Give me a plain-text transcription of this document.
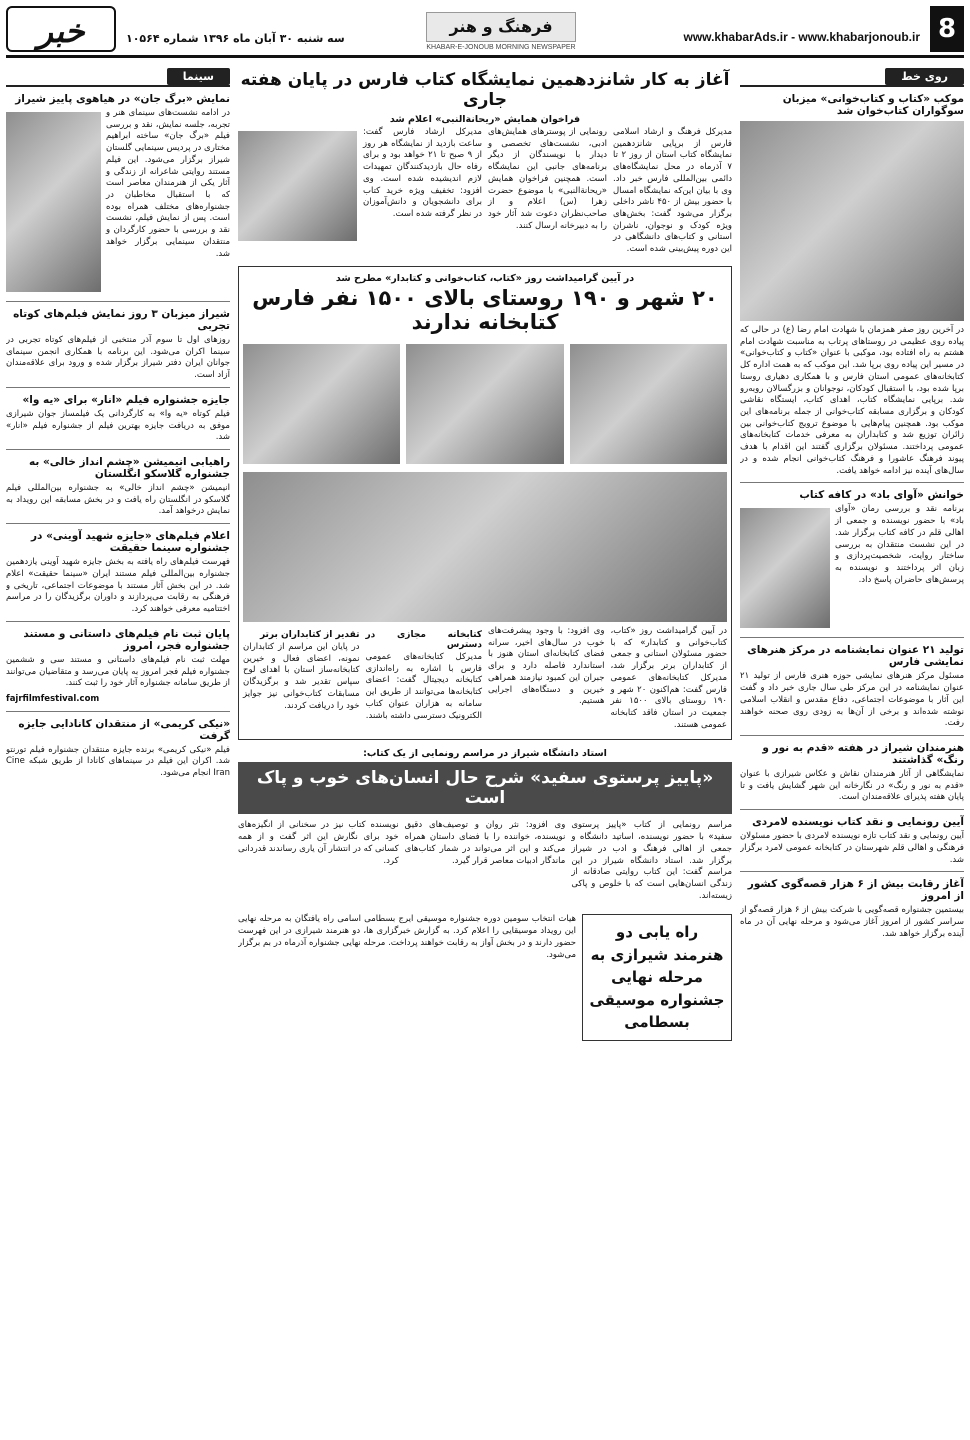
8
www.khabarAds.ir - www.khabarjonoub.ir
فرهنگ و هنر
KHABAR-E-JONOUB MORNING NEWSPAPER
سه شنبه ۳۰ آبان ماه ۱۳۹۶ شماره ۱۰۵۶۴
خبر
روی خط
موکب «کتاب و کتاب‌خوانی» میزبان سوگواران کتاب‌خوان شد

در آخرین روز صفر همزمان با شهادت امام رضا (ع) در حالی که پیاده روی عظیمی در روستاهای پرتاب به مناسبت شهادت امام هشتم به راه افتاده بود، موکبی با عنوان «کتاب و کتاب‌خوانی» در مسیر این پیاده روی برپا شد. این موکب که به همت اداره کل کتابخانه‌های عمومی استان فارس و با همکاری دهیاری روستا برپا شده بود، با استقبال کودکان، نوجوانان و بزرگسالان روبه‌رو شد. برپایی نمایشگاه کتاب، اهدای کتاب، ایستگاه نقاشی کودکان و برگزاری مسابقه کتاب‌خوانی از جمله برنامه‌های این موکب بود. همچنین پیام‌هایی با موضوع ترویج کتاب‌خوانی بین زائران توزیع شد و کتابداران به معرفی خدمات کتابخانه‌های عمومی پرداختند. مسئولان برگزاری گفتند این اقدام با هدف پیوند فرهنگ عاشورا و فرهنگ کتاب‌خوانی انجام شده و در سال‌های آینده نیز ادامه خواهد یافت.

خوانش «آوای باد» در کافه کتاب

برنامه نقد و بررسی رمان «آوای باد» با حضور نویسنده و جمعی از اهالی قلم در کافه کتاب برگزار شد. در این نشست منتقدان به بررسی ساختار روایت، شخصیت‌پردازی و زبان اثر پرداختند و نویسنده به پرسش‌های حاضران پاسخ داد.

تولید ۲۱ عنوان نمایشنامه در مرکز هنرهای نمایشی فارس

مسئول مرکز هنرهای نمایشی حوزه هنری فارس از تولید ۲۱ عنوان نمایشنامه در این مرکز طی سال جاری خبر داد و گفت این آثار با موضوعات اجتماعی، دفاع مقدس و انقلاب اسلامی نوشته شده‌اند و برخی از آن‌ها به زودی روی صحنه خواهند رفت.

هنرمندان شیراز در هفته «قدم به نور و رنگ» گذاشتند

نمایشگاهی از آثار هنرمندان نقاش و عکاس شیرازی با عنوان «قدم به نور و رنگ» در نگارخانه این شهر گشایش یافت و تا پایان هفته پذیرای علاقه‌مندان است.

آیین رونمایی و نقد کتاب نویسنده لامردی

آیین رونمایی و نقد کتاب تازه نویسنده لامردی با حضور مسئولان فرهنگی و اهالی قلم شهرستان در کتابخانه عمومی لامرد برگزار شد.

آغاز رقابت بیش از ۶ هزار قصه‌گوی کشور از امروز

بیستمین جشنواره قصه‌گویی با شرکت بیش از ۶ هزار قصه‌گو از سراسر کشور از امروز آغاز می‌شود و مرحله نهایی آن در ماه آینده برگزار خواهد شد.

آغاز به کار شانزدهمین نمایشگاه کتاب فارس در پایان هفته جاری
فراخوان همایش «ریحانة‌النبی» اعلام شد

مدیرکل فرهنگ و ارشاد اسلامی فارس از برپایی شانزدهمین نمایشگاه کتاب استان از روز ۲ تا ۷ آذرماه در محل نمایشگاه‌های دائمی بین‌المللی فارس خبر داد. وی با بیان این‌که نمایشگاه امسال با حضور بیش از ۴۵۰ ناشر داخلی برگزار می‌شود گفت: بخش‌های ویژه کودک و نوجوان، ناشران استانی و کتاب‌های دانشگاهی در این دوره پیش‌بینی شده است.

رونمایی از پوسترهای همایش‌های ادبی، نشست‌های تخصصی و دیدار با نویسندگان از دیگر برنامه‌های جانبی این نمایشگاه است. همچنین فراخوان همایش «ریحانة‌النبی» با موضوع حضرت زهرا (س) اعلام و از صاحب‌نظران دعوت شد آثار خود را به دبیرخانه ارسال کنند.

مدیرکل ارشاد فارس گفت: ساعت بازدید از نمایشگاه هر روز از ۹ صبح تا ۲۱ خواهد بود و برای رفاه حال بازدیدکنندگان تمهیدات لازم اندیشیده شده است. وی افزود: تخفیف ویژه خرید کتاب برای دانشجویان و دانش‌آموزان در نظر گرفته شده است.

در آیین گرامیداشت روز «کتاب، کتاب‌خوانی و کتابدار» مطرح شد
۲۰ شهر و ۱۹۰ روستای بالای ۱۵۰۰ نفر فارس کتابخانه ندارند

در آیین گرامیداشت روز «کتاب، کتاب‌خوانی و کتابدار» که با حضور مسئولان استانی و جمعی از کتابداران برتر برگزار شد، مدیرکل کتابخانه‌های عمومی فارس گفت: هم‌اکنون ۲۰ شهر و ۱۹۰ روستای بالای ۱۵۰۰ نفر جمعیت در استان فاقد کتابخانه عمومی هستند.

وی افزود: با وجود پیشرفت‌های خوب در سال‌های اخیر، سرانه فضای کتابخانه‌ای استان هنوز با استاندارد فاصله دارد و برای جبران این کمبود نیازمند همراهی خیرین و دستگاه‌های اجرایی هستیم.

کتابخانه مجازی در دسترس

مدیرکل کتابخانه‌های عمومی فارس با اشاره به راه‌اندازی کتابخانه دیجیتال گفت: اعضای کتابخانه‌ها می‌توانند از طریق این سامانه به هزاران عنوان کتاب الکترونیک دسترسی داشته باشند.

تقدیر از کتابداران برتر

در پایان این مراسم از کتابداران نمونه، اعضای فعال و خیرین کتابخانه‌ساز استان با اهدای لوح سپاس تقدیر شد و برگزیدگان مسابقات کتاب‌خوانی نیز جوایز خود را دریافت کردند.

استاد دانشگاه شیراز در مراسم رونمایی از یک کتاب:
«پاییز پرستوی سفید» شرح حال انسان‌های خوب و پاک است

مراسم رونمایی از کتاب «پاییز پرستوی سفید» با حضور نویسنده، اساتید دانشگاه و جمعی از اهالی فرهنگ و ادب در شیراز برگزار شد. استاد دانشگاه شیراز در این مراسم گفت: این کتاب روایتی صادقانه از زندگی انسان‌هایی است که با خلوص و پاکی زیسته‌اند.

وی افزود: نثر روان و توصیف‌های دقیق نویسنده، خواننده را با فضای داستان همراه می‌کند و این اثر می‌تواند در شمار کتاب‌های ماندگار ادبیات معاصر قرار گیرد.

نویسنده کتاب نیز در سخنانی از انگیزه‌های خود برای نگارش این اثر گفت و از همه کسانی که در انتشار آن یاری رساندند قدردانی کرد.

راه یابی دو هنرمند شیرازی به مرحله نهایی جشنواره موسیقی بسطامی

هیات انتخاب سومین دوره جشنواره موسیقی ایرج بسطامی اسامی راه یافتگان به مرحله نهایی این رویداد موسیقایی را اعلام کرد. به گزارش خبرگزاری ها، دو هنرمند شیرازی در این فهرست حضور دارند و در بخش آواز به رقابت خواهند پرداخت. مرحله نهایی جشنواره آذرماه در بم برگزار می‌شود.

سینما
نمایش «برگ جان» در هیاهوی پاییز شیراز

در ادامه نشست‌های سینمای هنر و تجربه، جلسه نمایش، نقد و بررسی فیلم «برگ جان» ساخته ابراهیم مختاری در پردیس سینمایی گلستان شیراز برگزار می‌شود. این فیلم مستند روایتی شاعرانه از زندگی و آثار یکی از هنرمندان معاصر است که با استقبال مخاطبان در جشنواره‌های مختلف همراه بوده است. پس از نمایش فیلم، نشست نقد و بررسی با حضور کارگردان و منتقدان سینمایی برگزار خواهد شد.

شیراز میزبان ۳ روز نمایش فیلم‌های کوتاه تجربی

روزهای اول تا سوم آذر منتخبی از فیلم‌های کوتاه تجربی در سینما اکران می‌شود. این برنامه با همکاری انجمن سینمای جوانان ایران دفتر شیراز برگزار شده و ورود برای علاقه‌مندان آزاد است.

جایزه جشنواره فیلم «انار» برای «یه وا»

فیلم کوتاه «یه وا» به کارگردانی یک فیلمساز جوان شیرازی موفق به دریافت جایزه بهترین فیلم از جشنواره فیلم «انار» شد.

راهیابی انیمیشن «چشم انداز خالی» به جشنواره گلاسکو انگلستان

انیمیشن «چشم انداز خالی» به جشنواره بین‌المللی فیلم گلاسکو در انگلستان راه یافت و در بخش مسابقه این رویداد به نمایش درخواهد آمد.

اعلام فیلم‌های «جایزه شهید آوینی» در جشنواره سینما حقیقت

فهرست فیلم‌های راه یافته به بخش جایزه شهید آوینی یازدهمین جشنواره بین‌المللی فیلم مستند ایران «سینما حقیقت» اعلام شد. در این بخش آثار مستند با موضوعات اجتماعی، تاریخی و فرهنگی به رقابت می‌پردازند و داوران برگزیدگان را در مراسم اختتامیه معرفی خواهند کرد.

پایان ثبت نام فیلم‌های داستانی و مستند جشنواره فجر، امروز

مهلت ثبت نام فیلم‌های داستانی و مستند سی و ششمین جشنواره فیلم فجر امروز به پایان می‌رسد و متقاضیان می‌توانند از طریق سامانه جشنواره آثار خود را ثبت کنند.

fajrfilmfestival.com

«نیکی کریمی» از منتقدان کانادایی جایزه گرفت

فیلم «نیکی کریمی» برنده جایزه منتقدان جشنواره فیلم تورنتو شد. اکران این فیلم در سینماهای کانادا از طریق شبکه Cine Iran انجام می‌شود.
